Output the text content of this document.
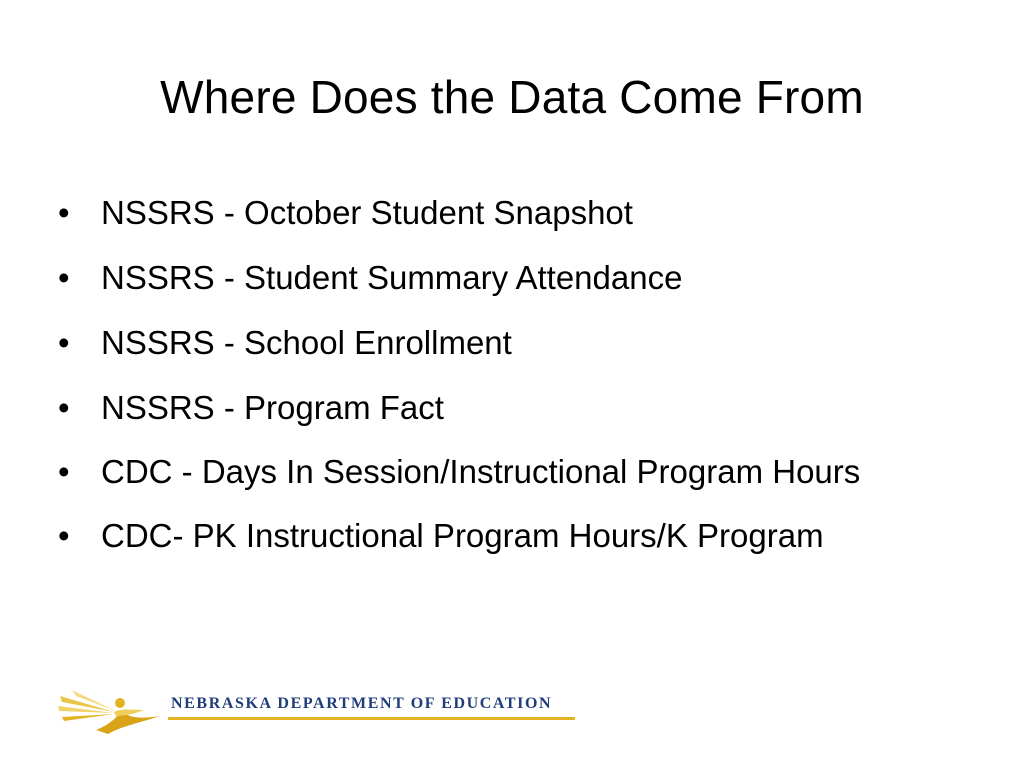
Where Does the Data Come From
• NSSRS - October Student Snapshot
• NSSRS - Student Summary Attendance
• NSSRS - School Enrollment
• NSSRS - Program Fact
• CDC - Days In Session/Instructional Program Hours
• CDC- PK Instructional Program Hours/K Program
NEBRASKA DEPARTMENT OF EDUCATION
